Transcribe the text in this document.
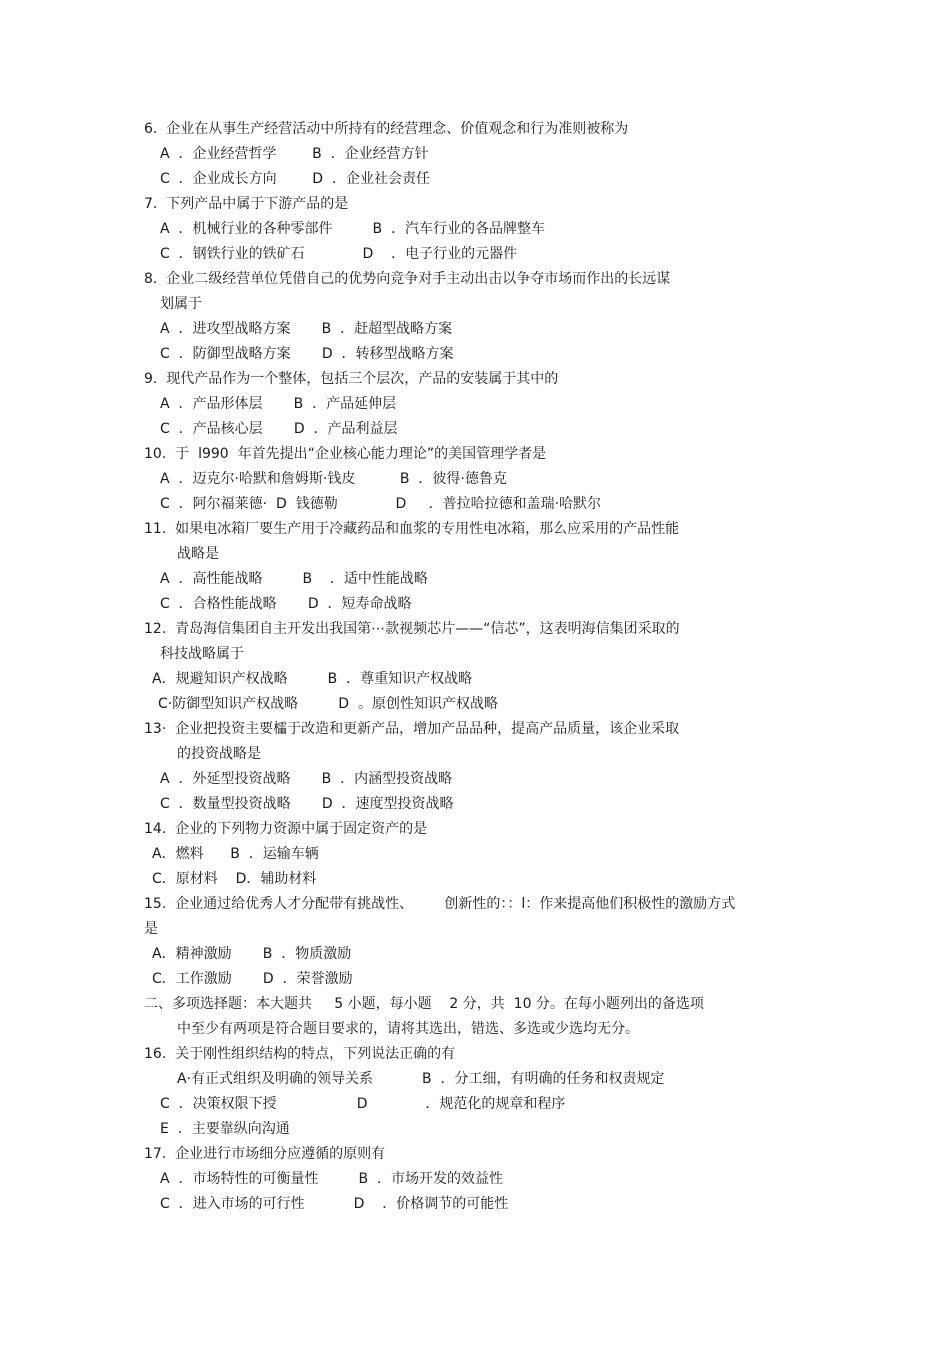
6.  企业在从事生产经营活动中所持有的经营理念、价值观念和行为准则被称为
A  ．企业经营哲学        B  ．企业经营方针
C  ．企业成长方向        D  ．企业社会责任
7.  下列产品中属于下游产品的是
A  ．机械行业的各种零部件         B  ．汽车行业的各品牌整车
C  ．钢铁行业的铁矿石             D    ．电子行业的元器件
8.  企业二级经营单位凭借自己的优势向竞争对手主动出击以争夺市场而作出的长远谋
划属于
A  ．进攻型战略方案       B  ．赶超型战略方案
C  ．防御型战略方案       D  ．转移型战略方案
9.  现代产品作为一个整体，包括三个层次，产品的安装属于其中的
A  ．产品形体层       B  ．产品延伸层
C  ．产品核心层       D  ．产品利益层
10.  于  l990  年首先提出“企业核心能力理论”的美国管理学者是
A  ．迈克尔·哈默和詹姆斯·钱皮          B  ．彼得·德鲁克
C  ．阿尔福莱德·  D  钱德勒             D     ．普拉哈拉德和盖瑞·哈默尔
11.  如果电冰箱厂要生产用于冷藏药品和血浆的专用性电冰箱，那么应采用的产品性能
战略是
A  ．高性能战略         B    ．适中性能战略
C  ．合格性能战略       D  ．短寿命战略
12.  青岛海信集团自主开发出我国第⋯款视频芯片——“信芯”，这表明海信集团采取的
科技战略属于
A．规避知识产权战略         B  ．尊重知识产权战略
C·防御型知识产权战略         D  。原创性知识产权战略
13·  企业把投资主要櫺于改造和更新产品，增加产品品种，提高产品质量，该企业采取
的投资战略是
A  ．外延型投资战略       B  ．内涵型投资战略
C  ．数量型投资战略       D  ．速度型投资战略
14.  企业的下列物力资源中属于固定资产的是
A．燃料      B  ．运输车辆
C．原材料    D．辅助材料
15.  企业通过给优秀人才分配带有挑战性、       创新性的：：l：作来提高他们积极性的激励方式
是
A．精神激励       B  ．物质激励
C．工作激励       D  ．荣誉激励
二、多项选择题：本大题共     5 小题，每小题    2 分，共  10 分。在每小题列出的备选项
中至少有两项是符合题目要求的，请将其选出，错选、多选或少选均无分。
16.  关于刚性组织结构的特点，下列说法正确的有
A·有正式组织及明确的领导关系           B  ．分工细，有明确的任务和权责规定
C  ．决策权限下授                  D             ．规范化的规章和程序
E  ．主要靠纵向沟通
17.  企业进行市场细分应遵循的原则有
A  ．市场特性的可衡量性         B  ．市场开发的效益性
C  ．进入市场的可行性           D    ．价格调节的可能性
